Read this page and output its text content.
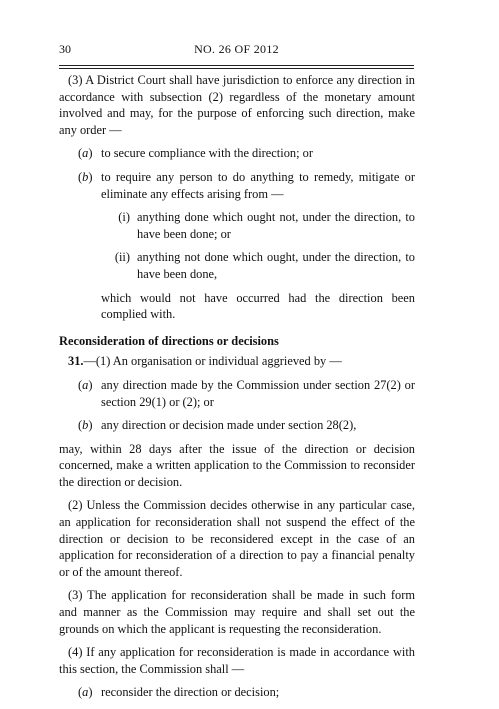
30	NO. 26 OF 2012

(3) A District Court shall have jurisdiction to enforce any direction in accordance with subsection (2) regardless of the monetary amount involved and may, for the purpose of enforcing such direction, make any order —

(a) to secure compliance with the direction; or
(b) to require any person to do anything to remedy, mitigate or eliminate any effects arising from —
(i) anything done which ought not, under the direction, to have been done; or
(ii) anything not done which ought, under the direction, to have been done,

which would not have occurred had the direction been complied with.

Reconsideration of directions or decisions

31.—(1) An organisation or individual aggrieved by —

(a) any direction made by the Commission under section 27(2) or section 29(1) or (2); or
(b) any direction or decision made under section 28(2),

may, within 28 days after the issue of the direction or decision concerned, make a written application to the Commission to reconsider the direction or decision.

(2) Unless the Commission decides otherwise in any particular case, an application for reconsideration shall not suspend the effect of the direction or decision to be reconsidered except in the case of an application for reconsideration of a direction to pay a financial penalty or of the amount thereof.

(3) The application for reconsideration shall be made in such form and manner as the Commission may require and shall set out the grounds on which the applicant is requesting the reconsideration.

(4) If any application for reconsideration is made in accordance with this section, the Commission shall —

(a) reconsider the direction or decision;
